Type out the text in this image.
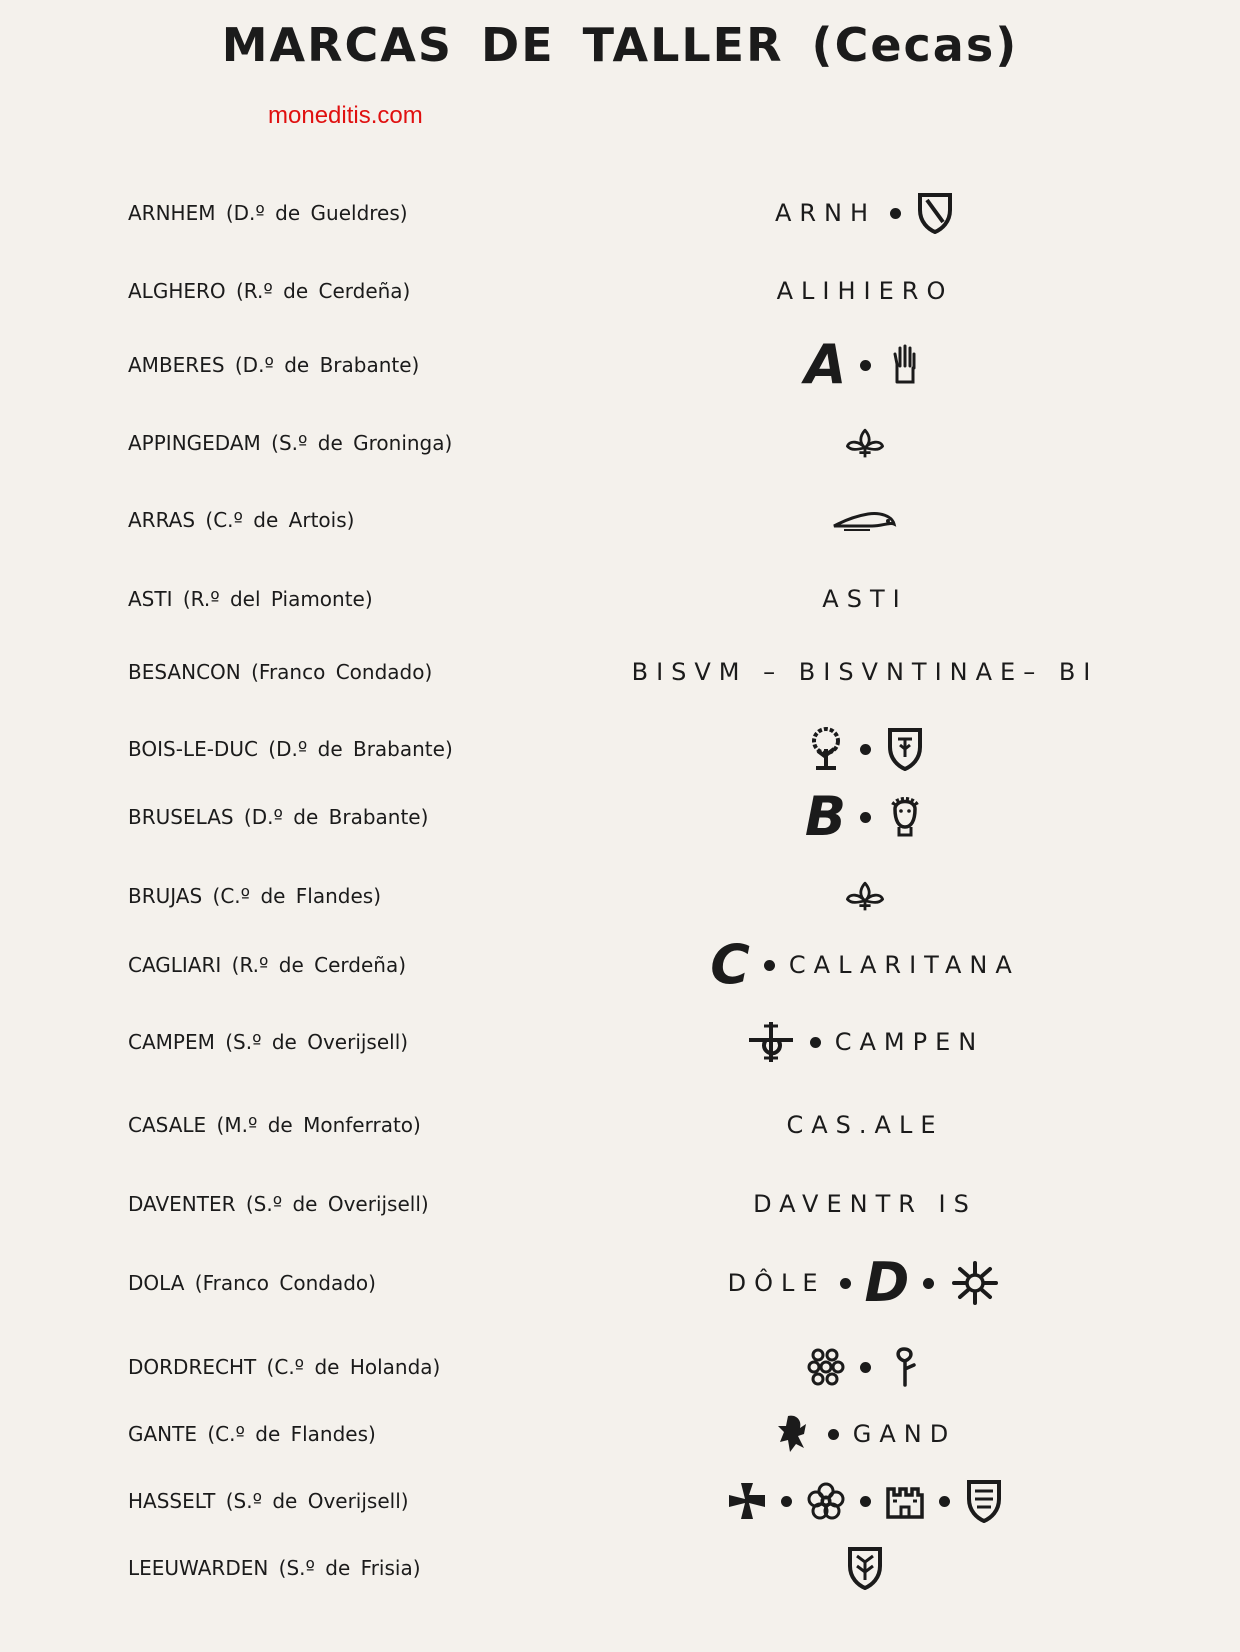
MARCAS DE TALLER (Cecas)
moneditis.com
ARNHEM (D.º de Gueldres)	ARNH
ALGHERO (R.º de Cerdeña)	ALIHIERO
AMBERES (D.º de Brabante)	A
APPINGEDAM (S.º de Groninga)
ARRAS (C.º de Artois)
ASTI (R.º del Piamonte)	ASTI
BESANCON (Franco Condado)	BISVM – BISVNTINAE– BI
BOIS-LE-DUC (D.º de Brabante)
BRUSELAS (D.º de Brabante)	B
BRUJAS (C.º de Flandes)
CAGLIARI (R.º de Cerdeña)	C CALARITANA
CAMPEM (S.º de Overijsell)	CAMPEN
CASALE (M.º de Monferrato)	CAS.ALE
DAVENTER (S.º de Overijsell)	DAVENTR IS
DOLA (Franco Condado)	DÔLE D
DORDRECHT (C.º de Holanda)
GANTE (C.º de Flandes)	GAND
HASSELT (S.º de Overijsell)
LEEUWARDEN (S.º de Frisia)
